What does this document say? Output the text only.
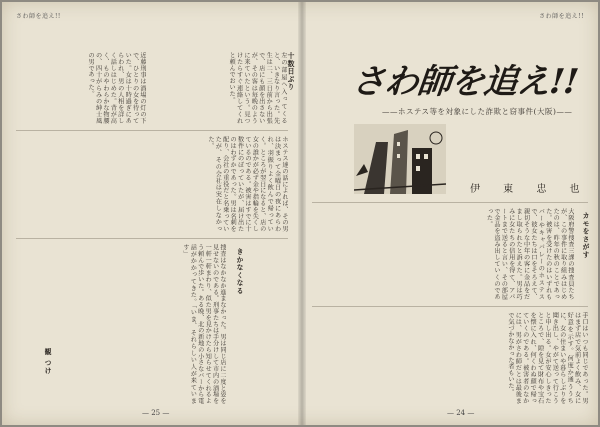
さわ師を追え!!	さわ師を追え!!
左の部屋へ入ってくると、いきなり言った。先生は二、三日前から出張で、店にも顔を出さないが、その客は毎晩のように来ていたという。見つけたらすぐ連絡してくれと頼んでおいた。	十数日ぶり
近藤刑事は酒場の灯の下で、ひとりの女を待っていた。女は十時過ぎにあらわれ、男の人相を詳しく話しはじめた。背が高く、ものやわらかな物腰の、四十がらみの紳士風の男であった。
ホステス達の話によれば、その男は決まって金曜日の夜にあらわれ、羽振りよく飲んで帰っていく。ところが翌日になると、店の女の誰かが必ず金や指輪を失くしているのである。被害はすでに十数件にのぼっていたが、届け出たのはわずかであった。男は名刺を配り、会社の重役だと名乗っていたが、その会社は実在しなかった。
きかなくなる
捜査はなかなか進まなかった。男は同じ店に二度と姿を見せないのである。刑事たちは手分けして市内の酒場を一軒一軒まわり、似た男を見かけたら知らせてくれるよう頼んで歩いた。ある晩、北の新地の小さなバーから電話がかかってきた。「いま、それらしい人が来ています」
観 つけ
— 25 —
さわ師を追え!!
——ホステス等を対象にした詐欺と窃事件(大阪)——
伊 東 忠 也
カモをさがす
大阪府警捜査三課の捜査員たちが、この事件に取り組みはじめたのは、昨年の秋のことであった。被害を受けたのはいずれもバーやキャバレーのホステスで、彼女たちは口をそろえて、親切そうな中年の客に金品をだまし取られたと訴えた。男は巧みに女たちの信用を得て、アパートまで送ると言い、その部屋で金品を盗み出していくのであった。
手口はいつも同じであった。男はまず店で気前よく飲み、女に好意を示す。何度か通ううちに、女の住まいや暮らしぶりを聞き出し、やがて送って行こうと申し出る。女が安心しきったところで、隙を見て財布や宝石を懐に入れ、何くわぬ顔で帰っていくのである。被害者のなかには、男がさわ師だとは最後まで気づかなかった者もいた。
— 24 —
